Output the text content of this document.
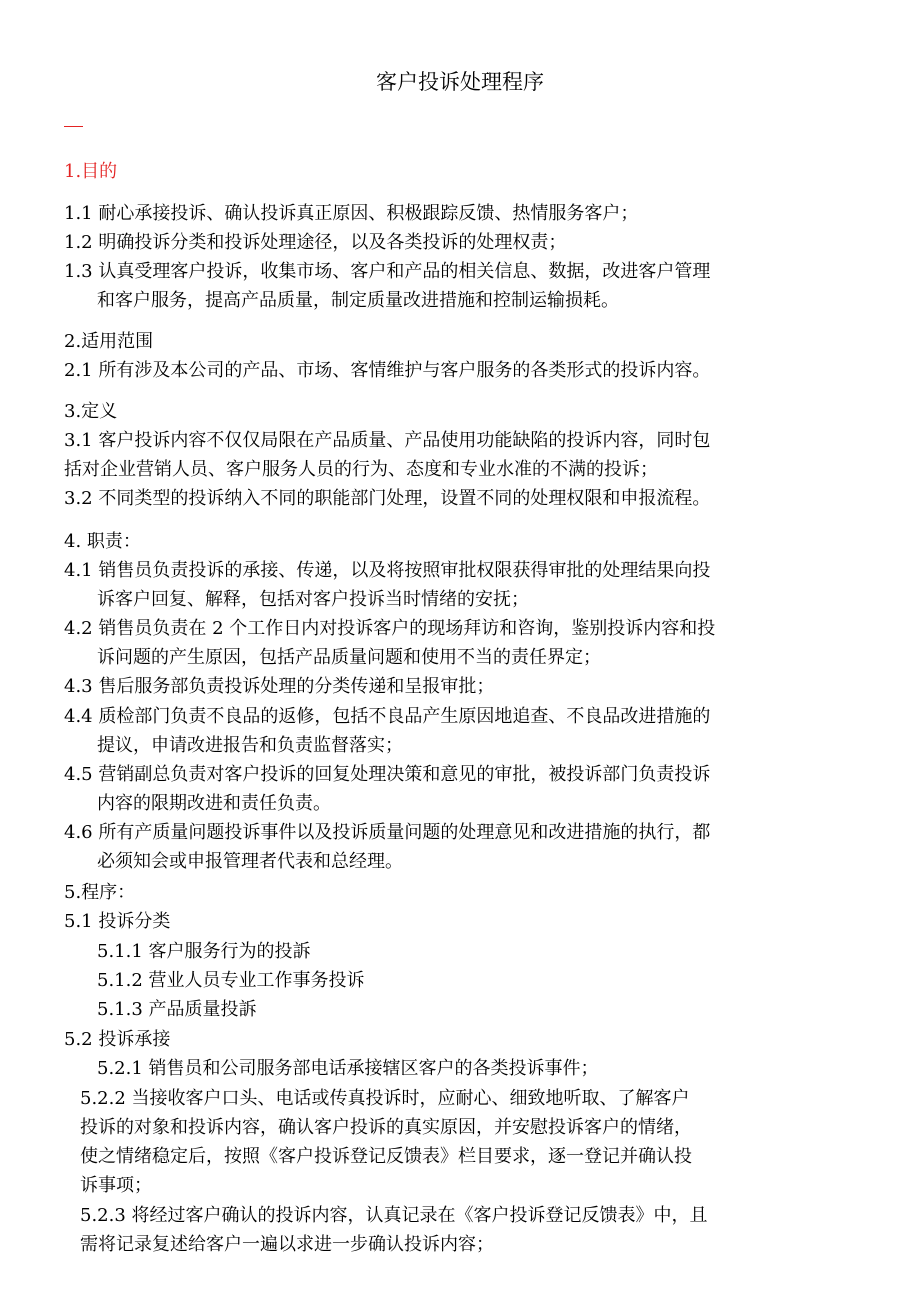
客户投诉处理程序
1.目的
1.1 耐心承接投诉、确认投诉真正原因、积极跟踪反馈、热情服务客户；
1.2 明确投诉分类和投诉处理途径，以及各类投诉的处理权责；
1.3 认真受理客户投诉，收集市场、客户和产品的相关信息、数据，改进客户管理
和客户服务，提高产品质量，制定质量改进措施和控制运输损耗。
2.适用范围
2.1 所有涉及本公司的产品、市场、客情维护与客户服务的各类形式的投诉内容。
3.定义
3.1 客户投诉内容不仅仅局限在产品质量、产品使用功能缺陷的投诉内容，同时包
括对企业营销人员、客户服务人员的行为、态度和专业水准的不满的投诉；
3.2 不同类型的投诉纳入不同的职能部门处理，设置不同的处理权限和申报流程。
4. 职责：
4.1 销售员负责投诉的承接、传递，以及将按照审批权限获得审批的处理结果向投
诉客户回复、解释，包括对客户投诉当时情绪的安抚；
4.2 销售员负责在 2 个工作日内对投诉客户的现场拜访和咨询，鉴别投诉内容和投
诉问题的产生原因，包括产品质量问题和使用不当的责任界定；
4.3 售后服务部负责投诉处理的分类传递和呈报审批；
4.4 质检部门负责不良品的返修，包括不良品产生原因地追查、不良品改进措施的
提议，申请改进报告和负责监督落实；
4.5 营销副总负责对客户投诉的回复处理决策和意见的审批，被投诉部门负责投诉
内容的限期改进和责任负责。
4.6 所有产质量问题投诉事件以及投诉质量问题的处理意见和改进措施的执行，都
必须知会或申报管理者代表和总经理。
5.程序：
5.1 投诉分类
5.1.1 客户服务行为的投訴
5.1.2 营业人员专业工作事务投诉
5.1.3 产品质量投訴
5.2 投诉承接
5.2.1 销售员和公司服务部电话承接辖区客户的各类投诉事件；
5.2.2 当接收客户口头、电话或传真投诉时，应耐心、细致地听取、了解客户
投诉的对象和投诉内容，确认客户投诉的真实原因，并安慰投诉客户的情绪，
使之情绪稳定后，按照《客户投诉登记反馈表》栏目要求，逐一登记并确认投
诉事项；
5.2.3 将经过客户确认的投诉内容，认真记录在《客户投诉登记反馈表》中，且
需将记录复述给客户一遍以求进一步确认投诉内容；
